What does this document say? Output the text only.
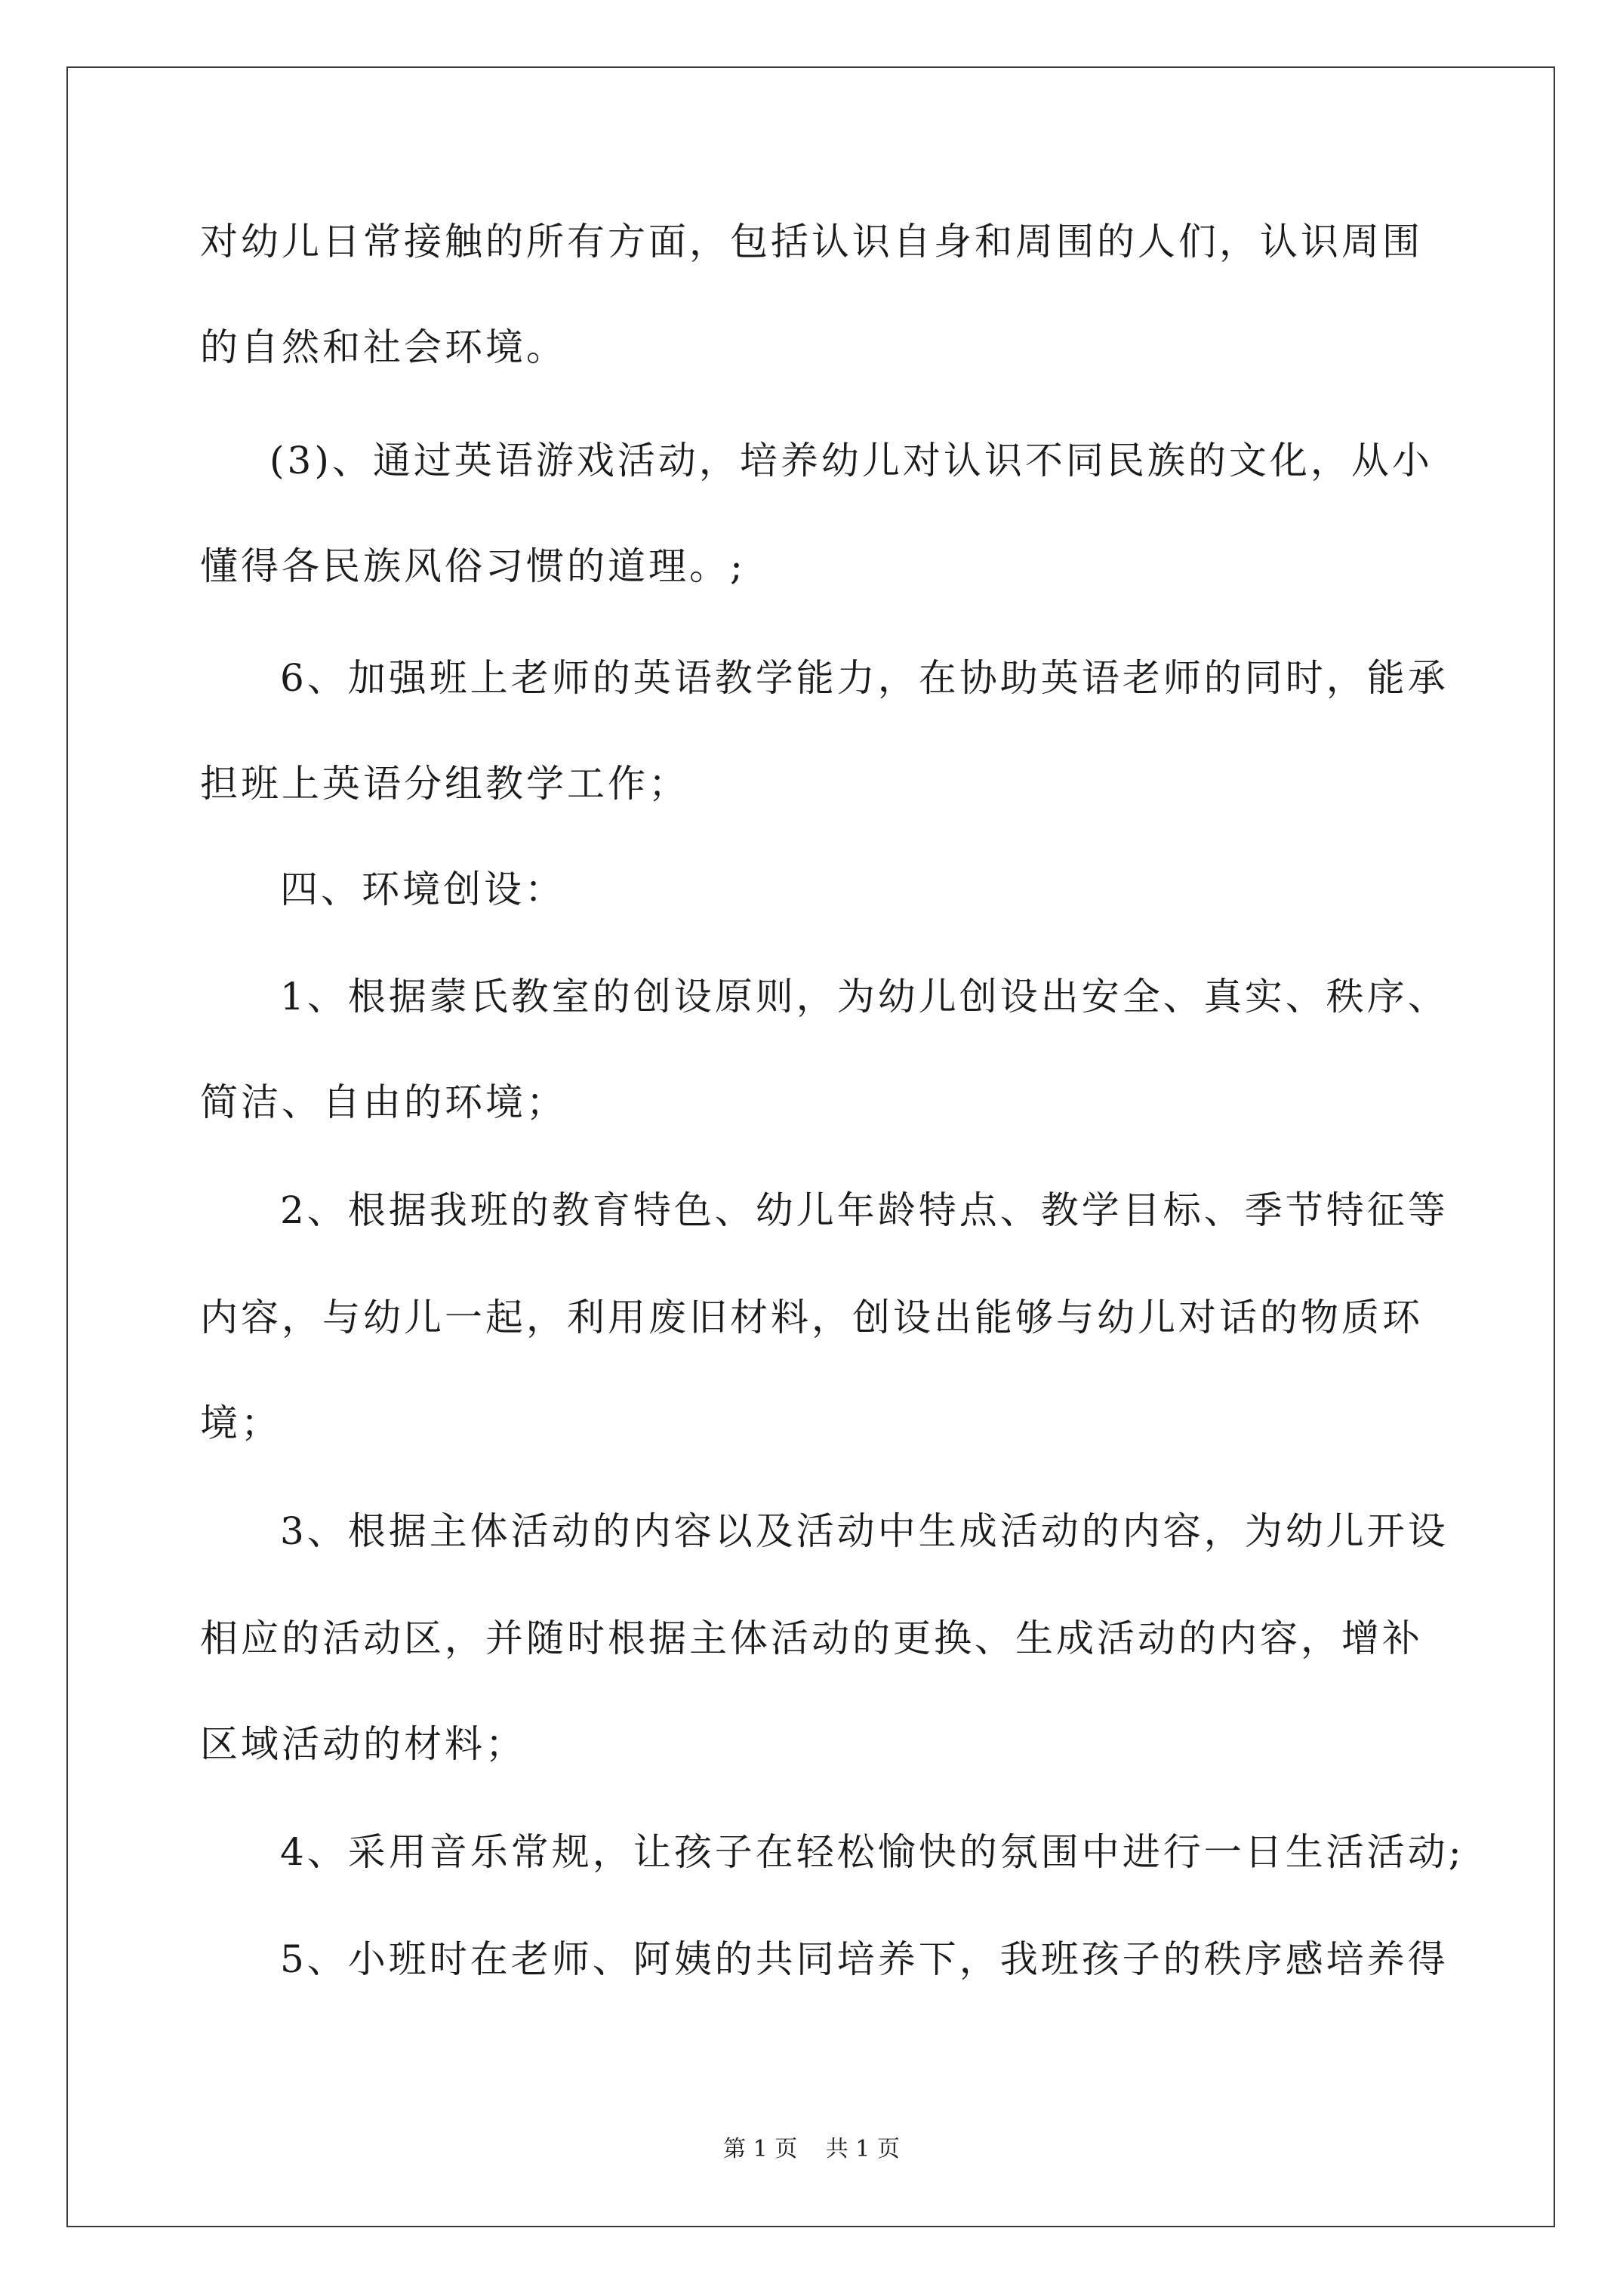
对幼儿日常接触的所有方面，包括认识自身和周围的人们，认识周围
的自然和社会环境。
(3)、通过英语游戏活动，培养幼儿对认识不同民族的文化，从小
懂得各民族风俗习惯的道理。;
6、加强班上老师的英语教学能力，在协助英语老师的同时，能承
担班上英语分组教学工作；
四、环境创设：
1、根据蒙氏教室的创设原则，为幼儿创设出安全、真实、秩序、
简洁、自由的环境；
2、根据我班的教育特色、幼儿年龄特点、教学目标、季节特征等
内容，与幼儿一起，利用废旧材料，创设出能够与幼儿对话的物质环
境；
3、根据主体活动的内容以及活动中生成活动的内容，为幼儿开设
相应的活动区，并随时根据主体活动的更换、生成活动的内容，增补
区域活动的材料；
4、采用音乐常规，让孩子在轻松愉快的氛围中进行一日生活活动;
5、小班时在老师、阿姨的共同培养下，我班孩子的秩序感培养得
第 1 页 共 1 页
